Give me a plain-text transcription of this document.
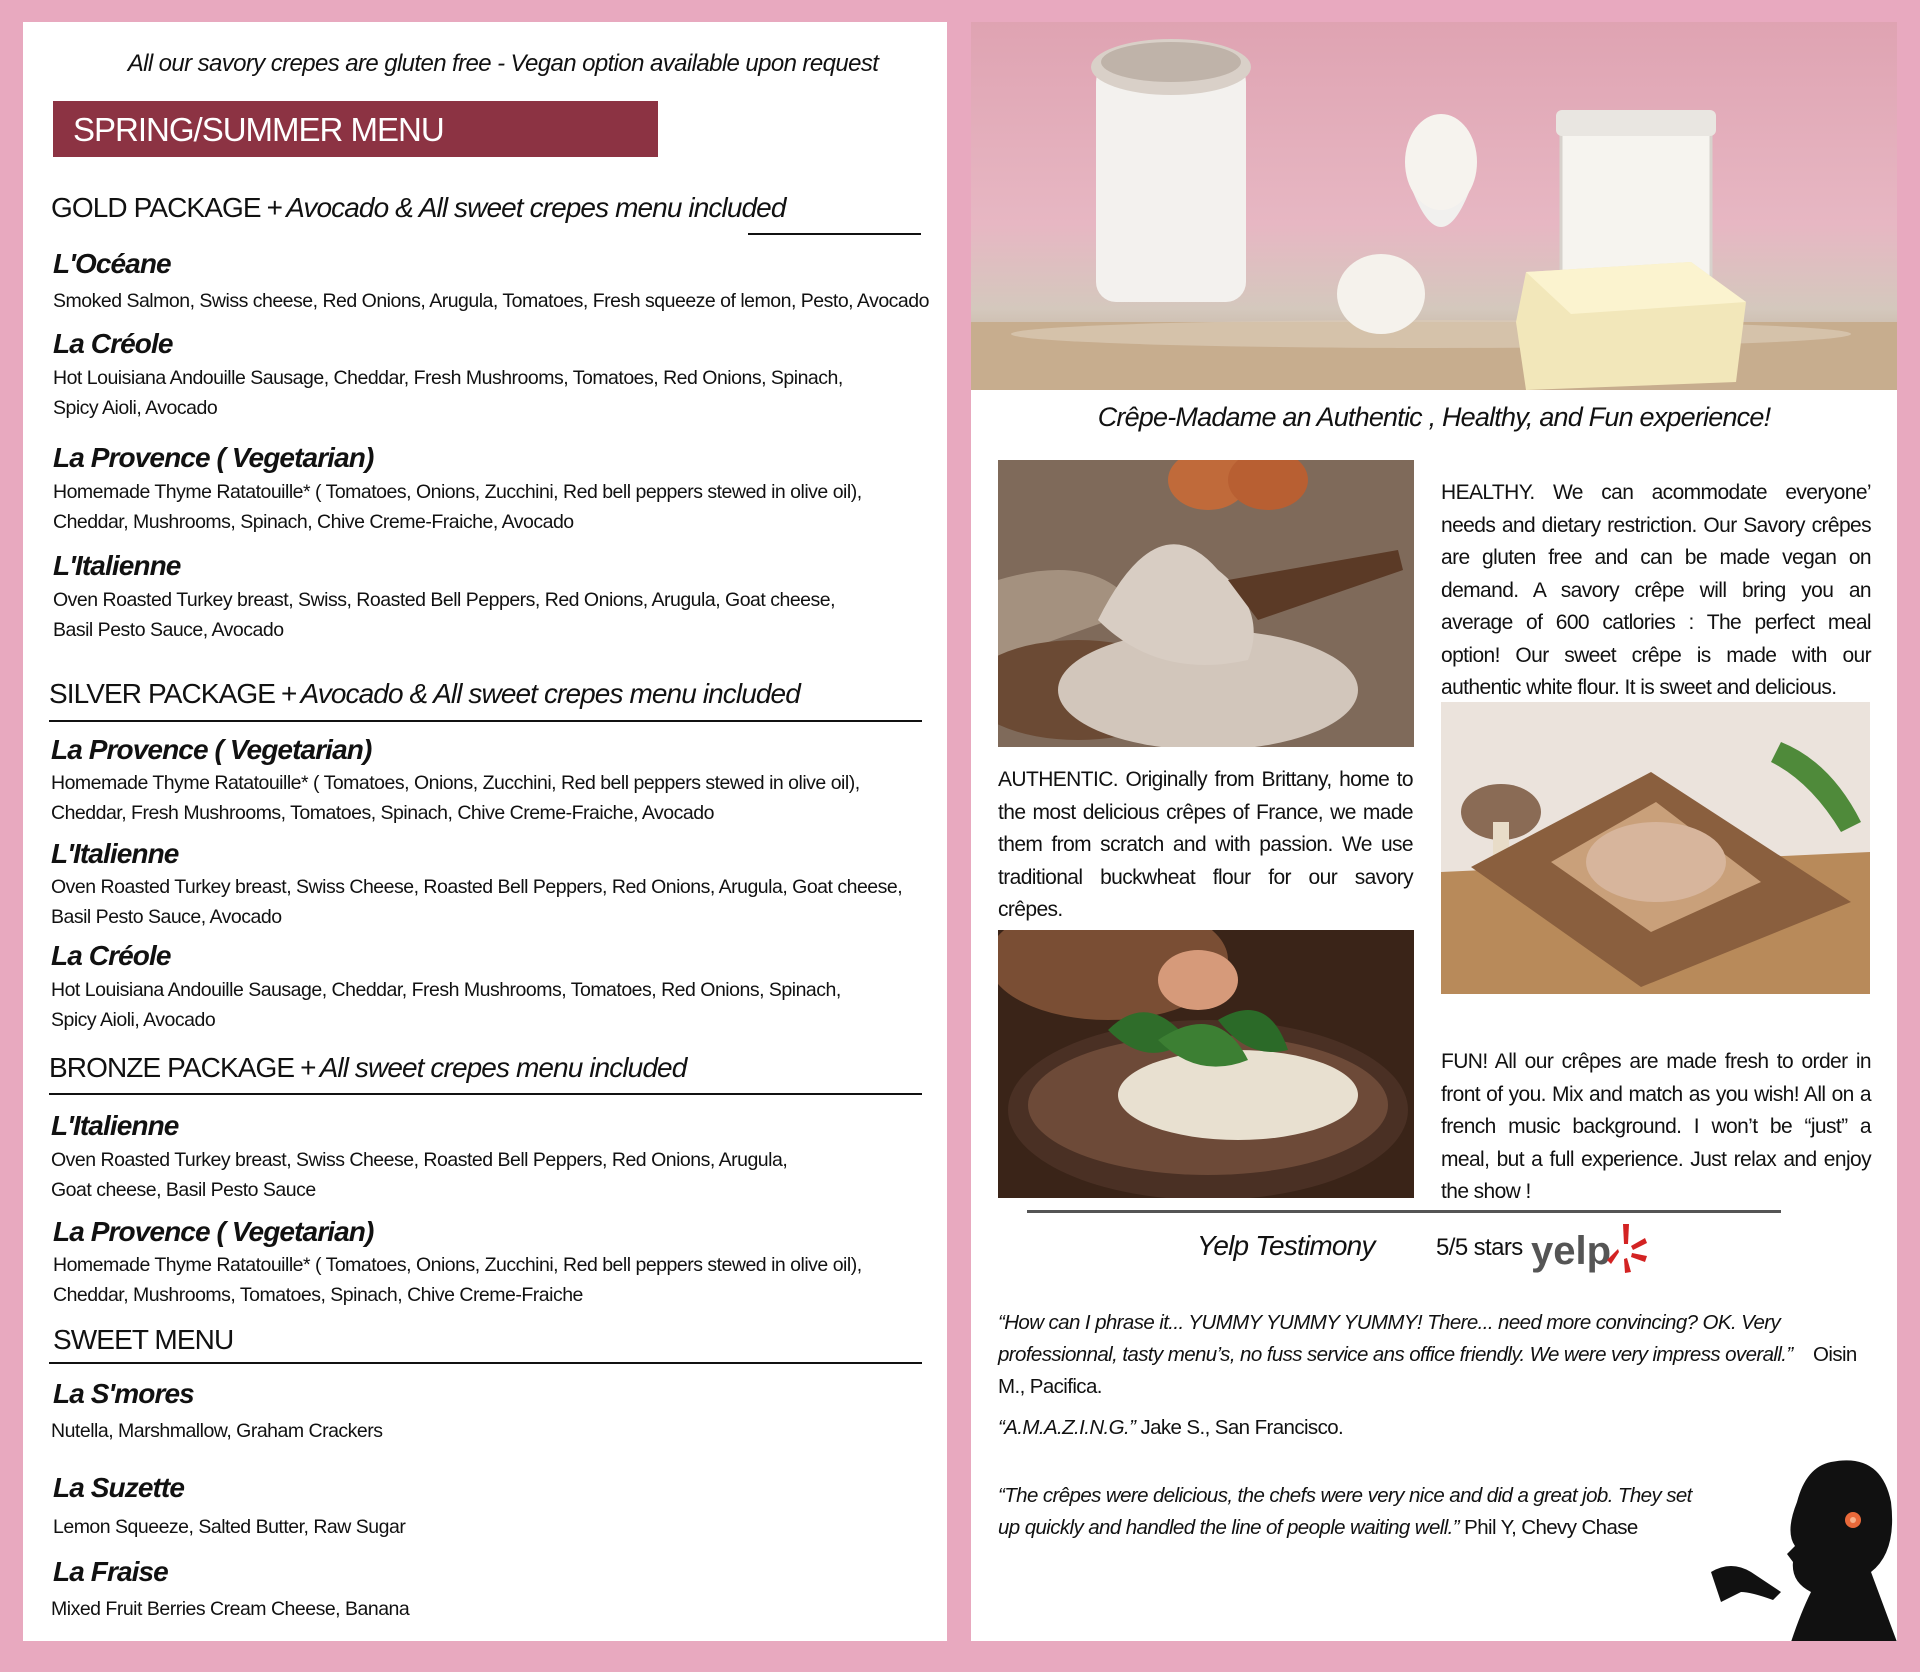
All our savory crepes are gluten free - Vegan option available upon request
SPRING/SUMMER MENU
GOLD PACKAGE + Avocado & All sweet crepes menu included
L'Océane
Smoked Salmon, Swiss cheese, Red Onions, Arugula, Tomatoes, Fresh squeeze of lemon, Pesto, Avocado
La Créole
Hot Louisiana Andouille Sausage, Cheddar, Fresh Mushrooms, Tomatoes, Red Onions, Spinach,
Spicy Aioli, Avocado
La Provence ( Vegetarian)
Homemade Thyme Ratatouille* ( Tomatoes, Onions, Zucchini, Red bell peppers stewed in olive oil),
Cheddar, Mushrooms, Spinach, Chive Creme-Fraiche, Avocado
L'Italienne
Oven Roasted Turkey breast, Swiss, Roasted Bell Peppers, Red Onions, Arugula, Goat cheese,
Basil Pesto Sauce, Avocado
SILVER PACKAGE + Avocado & All sweet crepes menu included
La Provence ( Vegetarian)
Homemade Thyme Ratatouille* ( Tomatoes, Onions, Zucchini, Red bell peppers stewed in olive oil),
Cheddar, Fresh Mushrooms, Tomatoes, Spinach, Chive Creme-Fraiche, Avocado
L'Italienne
Oven Roasted Turkey breast, Swiss Cheese, Roasted Bell Peppers, Red Onions, Arugula, Goat cheese,
Basil Pesto Sauce, Avocado
La Créole
Hot Louisiana Andouille Sausage, Cheddar, Fresh Mushrooms, Tomatoes, Red Onions, Spinach,
Spicy Aioli, Avocado
BRONZE PACKAGE + All sweet crepes menu included
L'Italienne
Oven Roasted Turkey breast, Swiss Cheese, Roasted Bell Peppers, Red Onions, Arugula,
Goat cheese, Basil Pesto Sauce
La Provence ( Vegetarian)
Homemade Thyme Ratatouille* ( Tomatoes, Onions, Zucchini, Red bell peppers stewed in olive oil),
Cheddar, Mushrooms, Tomatoes, Spinach, Chive Creme-Fraiche
SWEET MENU
La S'mores
Nutella, Marshmallow, Graham Crackers
La Suzette
Lemon Squeeze, Salted Butter, Raw Sugar
La Fraise
Mixed Fruit Berries Cream Cheese, Banana
Crêpe-Madame an Authentic , Healthy, and Fun experience!
HEALTHY. We can acommodate everyone’ needs and dietary restriction. Our Savory crêpes are gluten free and can be made vegan on demand. A savory crêpe will bring you an average of 600 catlories : The perfect meal option! Our sweet crêpe is made with our authentic white flour. It is sweet and delicious.
AUTHENTIC. Originally from Brittany, home to the most delicious crêpes of France, we made them from scratch and with passion. We use traditional buckwheat flour for our savory crêpes.
FUN! All our crêpes are made fresh to order in front of you. Mix and match as you wish! All on a french music background. I won’t be “just” a meal, but a full experience. Just relax and enjoy the show !
Yelp Testimony	5/5 stars yelp
“How can I phrase it... YUMMY YUMMY YUMMY! There... need more convincing? OK. Very professionnal, tasty menu’s, no fuss service ans office friendly. We were very impress overall.” Oisin M., Pacifica.
“A.M.A.Z.I.N.G.” Jake S., San Francisco.
“The crêpes were delicious, the chefs were very nice and did a great job. They set up quickly and handled the line of people waiting well.” Phil Y, Chevy Chase
